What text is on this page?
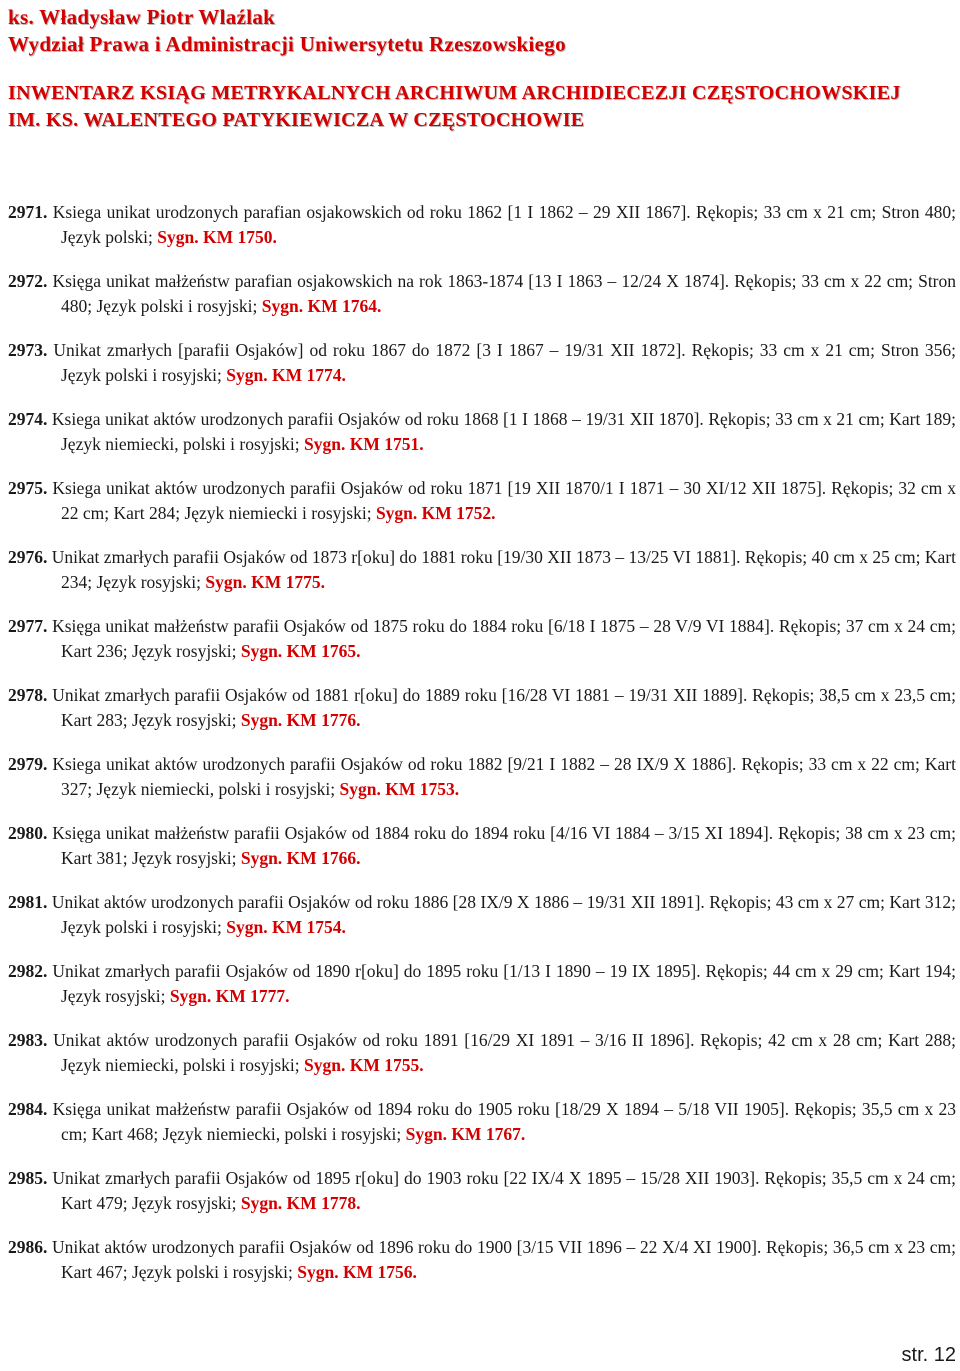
ks. Władysław Piotr Wlaźlak
Wydział Prawa i Administracji Uniwersytetu Rzeszowskiego
INWENTARZ KSIĄG METRYKALNYCH ARCHIWUM ARCHIDIECEZJI CZĘSTOCHOWSKIEJ
IM. KS. WALENTEGO PATYKIEWICZA W CZĘSTOCHOWIE
2971. Ksiega unikat urodzonych parafian osjakowskich od roku 1862 [1 I 1862 – 29 XII 1867]. Rękopis; 33 cm x 21 cm; Stron 480; Język polski; Sygn. KM 1750.
2972. Księga unikat małżeństw parafian osjakowskich na rok 1863-1874 [13 I 1863 – 12/24 X 1874]. Rękopis; 33 cm x 22 cm; Stron 480; Język polski i rosyjski; Sygn. KM 1764.
2973. Unikat zmarłych [parafii Osjaków] od roku 1867 do 1872 [3 I 1867 – 19/31 XII 1872]. Rękopis; 33 cm x 21 cm; Stron 356; Język polski i rosyjski; Sygn. KM 1774.
2974. Ksiega unikat aktów urodzonych parafii Osjaków od roku 1868 [1 I 1868 – 19/31 XII 1870]. Rękopis; 33 cm x 21 cm; Kart 189; Język niemiecki, polski i rosyjski; Sygn. KM 1751.
2975. Ksiega unikat aktów urodzonych parafii Osjaków od roku 1871 [19 XII 1870/1 I 1871 – 30 XI/12 XII 1875]. Rękopis; 32 cm x 22 cm; Kart 284; Język niemiecki i rosyjski; Sygn. KM 1752.
2976. Unikat zmarłych parafii Osjaków od 1873 r[oku] do 1881 roku [19/30 XII 1873 – 13/25 VI 1881]. Rękopis; 40 cm x 25 cm; Kart 234; Język rosyjski; Sygn. KM 1775.
2977. Księga unikat małżeństw parafii Osjaków od 1875 roku do 1884 roku [6/18 I 1875 – 28 V/9 VI 1884]. Rękopis; 37 cm x 24 cm; Kart 236; Język rosyjski; Sygn. KM 1765.
2978. Unikat zmarłych parafii Osjaków od 1881 r[oku] do 1889 roku [16/28 VI 1881 – 19/31 XII 1889]. Rękopis; 38,5 cm x 23,5 cm; Kart 283; Język rosyjski; Sygn. KM 1776.
2979. Ksiega unikat aktów urodzonych parafii Osjaków od roku 1882 [9/21 I 1882 – 28 IX/9 X 1886]. Rękopis; 33 cm x 22 cm; Kart 327; Język niemiecki, polski i rosyjski; Sygn. KM 1753.
2980. Księga unikat małżeństw parafii Osjaków od 1884 roku do 1894 roku [4/16 VI 1884 – 3/15 XI 1894]. Rękopis; 38 cm x 23 cm; Kart 381; Język rosyjski; Sygn. KM 1766.
2981. Unikat aktów urodzonych parafii Osjaków od roku 1886 [28 IX/9 X 1886 – 19/31 XII 1891]. Rękopis; 43 cm x 27 cm; Kart 312; Język polski i rosyjski; Sygn. KM 1754.
2982. Unikat zmarłych parafii Osjaków od 1890 r[oku] do 1895 roku [1/13 I 1890 – 19 IX 1895]. Rękopis; 44 cm x 29 cm; Kart 194; Język rosyjski; Sygn. KM 1777.
2983. Unikat aktów urodzonych parafii Osjaków od roku 1891 [16/29 XI 1891 – 3/16 II 1896]. Rękopis; 42 cm x 28 cm; Kart 288; Język niemiecki, polski i rosyjski; Sygn. KM 1755.
2984. Księga unikat małżeństw parafii Osjaków od 1894 roku do 1905 roku [18/29 X 1894 – 5/18 VII 1905]. Rękopis; 35,5 cm x 23 cm; Kart 468; Język niemiecki, polski i rosyjski; Sygn. KM 1767.
2985. Unikat zmarłych parafii Osjaków od 1895 r[oku] do 1903 roku [22 IX/4 X 1895 – 15/28 XII 1903]. Rękopis; 35,5 cm x 24 cm; Kart 479; Język rosyjski; Sygn. KM 1778.
2986. Unikat aktów urodzonych parafii Osjaków od 1896 roku do 1900 [3/15 VII 1896 – 22 X/4 XI 1900]. Rękopis; 36,5 cm x 23 cm; Kart 467; Język polski i rosyjski; Sygn. KM 1756.
str. 12
